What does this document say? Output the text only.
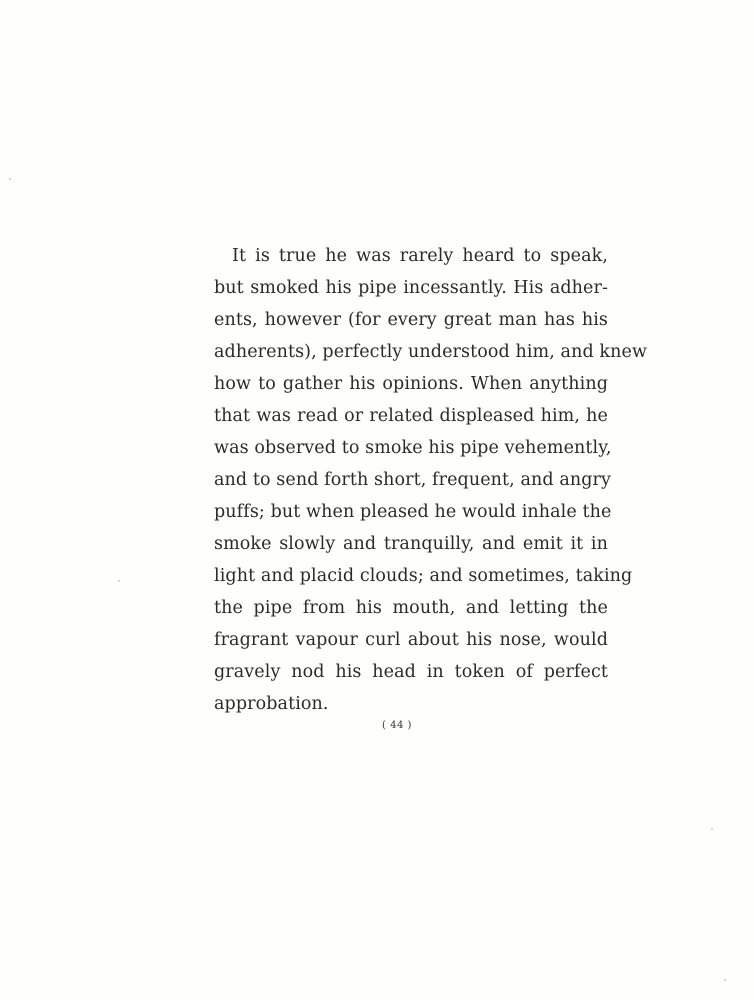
It is true he was rarely heard to speak,
but smoked his pipe incessantly. His adher-
ents, however (for every great man has his
adherents), perfectly understood him, and knew
how to gather his opinions. When anything
that was read or related displeased him, he
was observed to smoke his pipe vehemently,
and to send forth short, frequent, and angry
puffs; but when pleased he would inhale the
smoke slowly and tranquilly, and emit it in
light and placid clouds; and sometimes, taking
the pipe from his mouth, and letting the
fragrant vapour curl about his nose, would
gravely nod his head in token of perfect
approbation.
( 44 )
